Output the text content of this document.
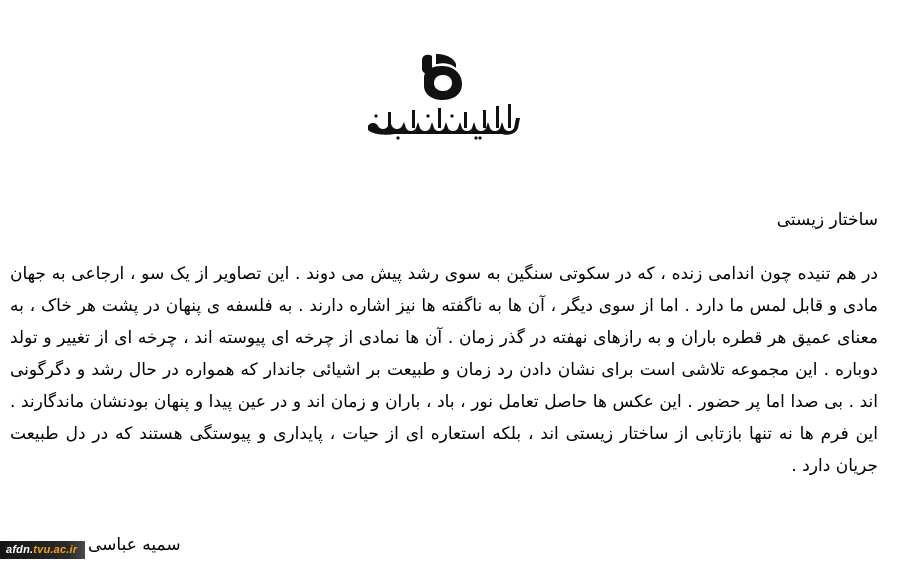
ساختار زیستی

در هم تنیده چون اندامی زنده ، که در سکوتی سنگین به سوی رشد پیش می دوند . این تصاویر از یک سو ، ارجاعی به جهان مادی و قابل لمس ما دارد . اما از سوی دیگر ، آن ها به ناگفته ها نیز اشاره دارند . به فلسفه ی پنهان در پشت هر خاک ، به معنای عمیق هر قطره باران و به رازهای نهفته در گذر زمان . آن ها نمادی از چرخه ای پیوسته اند ، چرخه ای از تغییر و تولد دوباره . این مجموعه تلاشی است برای نشان دادن رد زمان و طبیعت بر اشیائی جاندار که همواره در حال رشد و دگرگونی اند . بی صدا اما پر حضور . این عکس ها حاصل تعامل نور ، باد ، باران و زمان اند و در عین پیدا و پنهان بودنشان ماندگارند . این فرم ها نه تنها بازتابی از ساختار زیستی اند ، بلکه استعاره ای از حیات ، پایداری و پیوستگی هستند که در دل طبیعت جریان دارد .

سمیه عباسی
afdn.tvu.ac.ir
